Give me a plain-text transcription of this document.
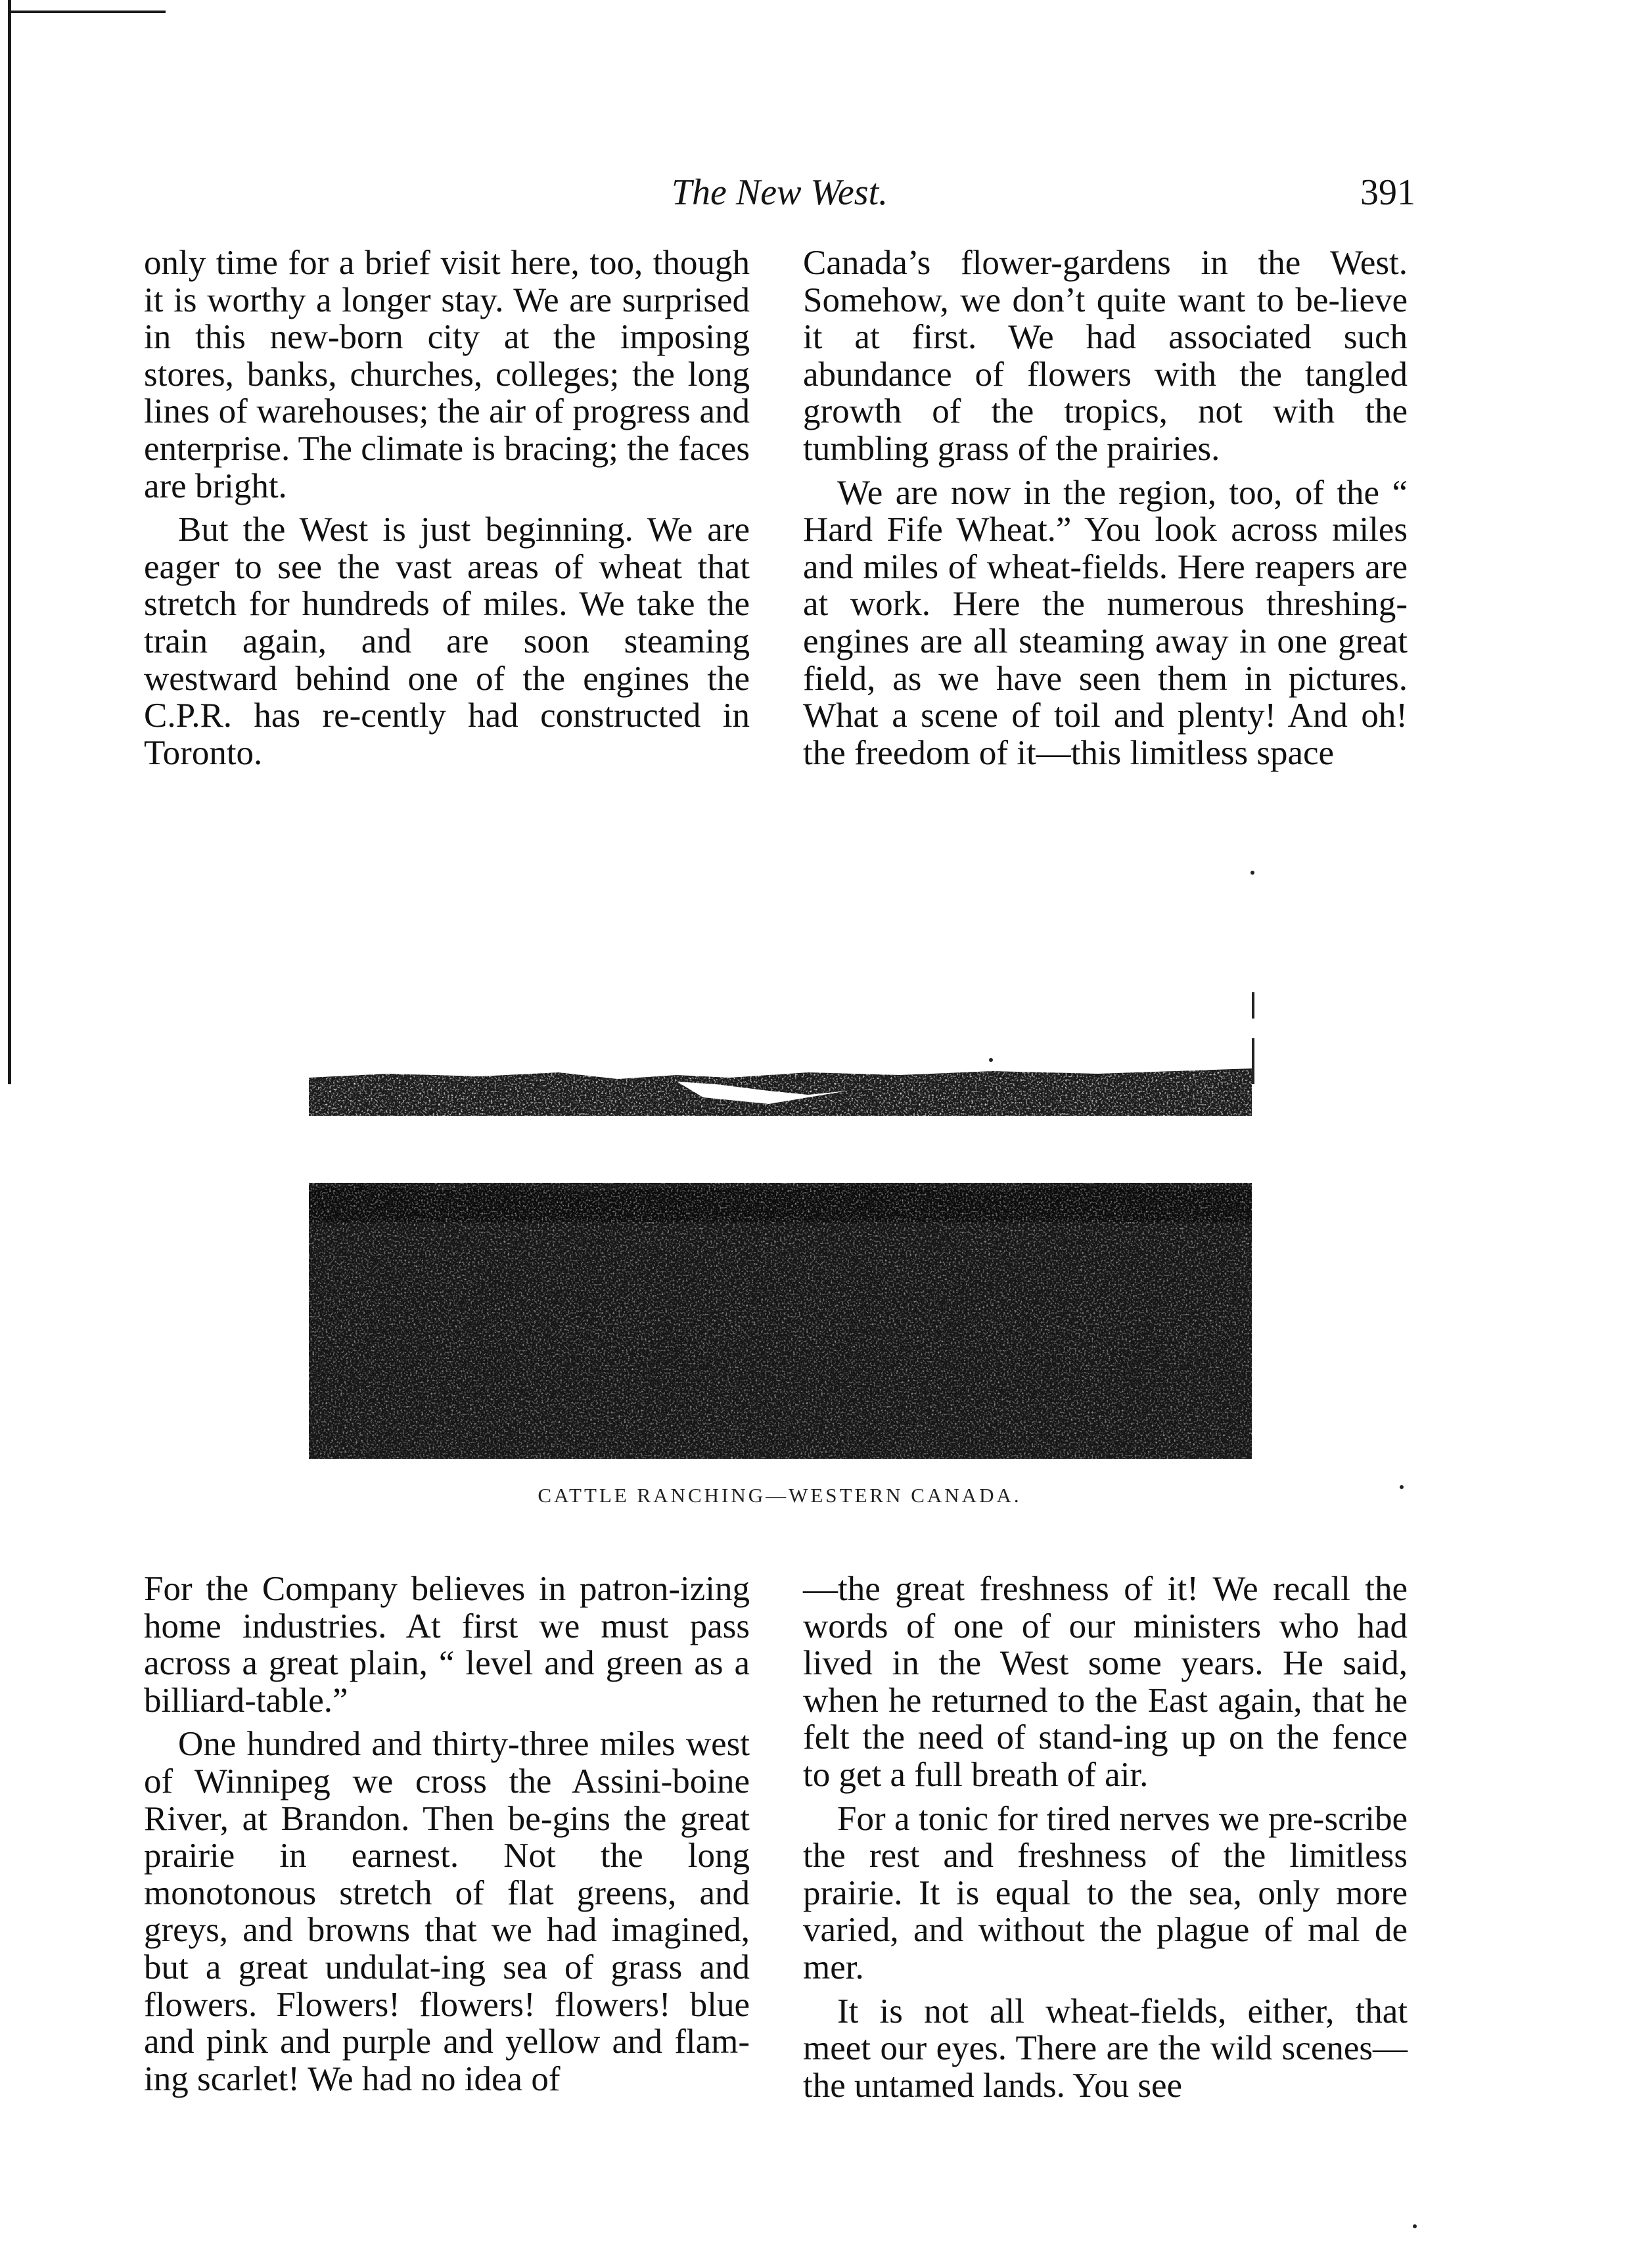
The New West.	391

only time for a brief visit here, too, though it is worthy a longer stay. We are surprised in this new-born city at the imposing stores, banks, churches, colleges; the long lines of warehouses; the air of progress and enterprise. The climate is bracing; the faces are bright.

But the West is just beginning. We are eager to see the vast areas of wheat that stretch for hundreds of miles. We take the train again, and are soon steaming westward behind one of the engines the C.P.R. has re-cently had constructed in Toronto.

Canada’s flower-gardens in the West. Somehow, we don’t quite want to be-lieve it at first. We had associated such abundance of flowers with the tangled growth of the tropics, not with the tumbling grass of the prairies.

We are now in the region, too, of the “ Hard Fife Wheat.” You look across miles and miles of wheat-fields. Here reapers are at work. Here the numerous threshing-engines are all steaming away in one great field, as we have seen them in pictures. What a scene of toil and plenty! And oh! the freedom of it—this limitless space

CATTLE RANCHING—WESTERN CANADA.

For the Company believes in patron-izing home industries. At first we must pass across a great plain, “ level and green as a billiard-table.”

One hundred and thirty-three miles west of Winnipeg we cross the Assini-boine River, at Brandon. Then be-gins the great prairie in earnest. Not the long monotonous stretch of flat greens, and greys, and browns that we had imagined, but a great undulat-ing sea of grass and flowers. Flowers! flowers! flowers! blue and pink and purple and yellow and flam-ing scarlet! We had no idea of

—the great freshness of it! We recall the words of one of our ministers who had lived in the West some years. He said, when he returned to the East again, that he felt the need of stand-ing up on the fence to get a full breath of air.

For a tonic for tired nerves we pre-scribe the rest and freshness of the limitless prairie. It is equal to the sea, only more varied, and without the plague of mal de mer.

It is not all wheat-fields, either, that meet our eyes. There are the wild scenes—the untamed lands. You see
